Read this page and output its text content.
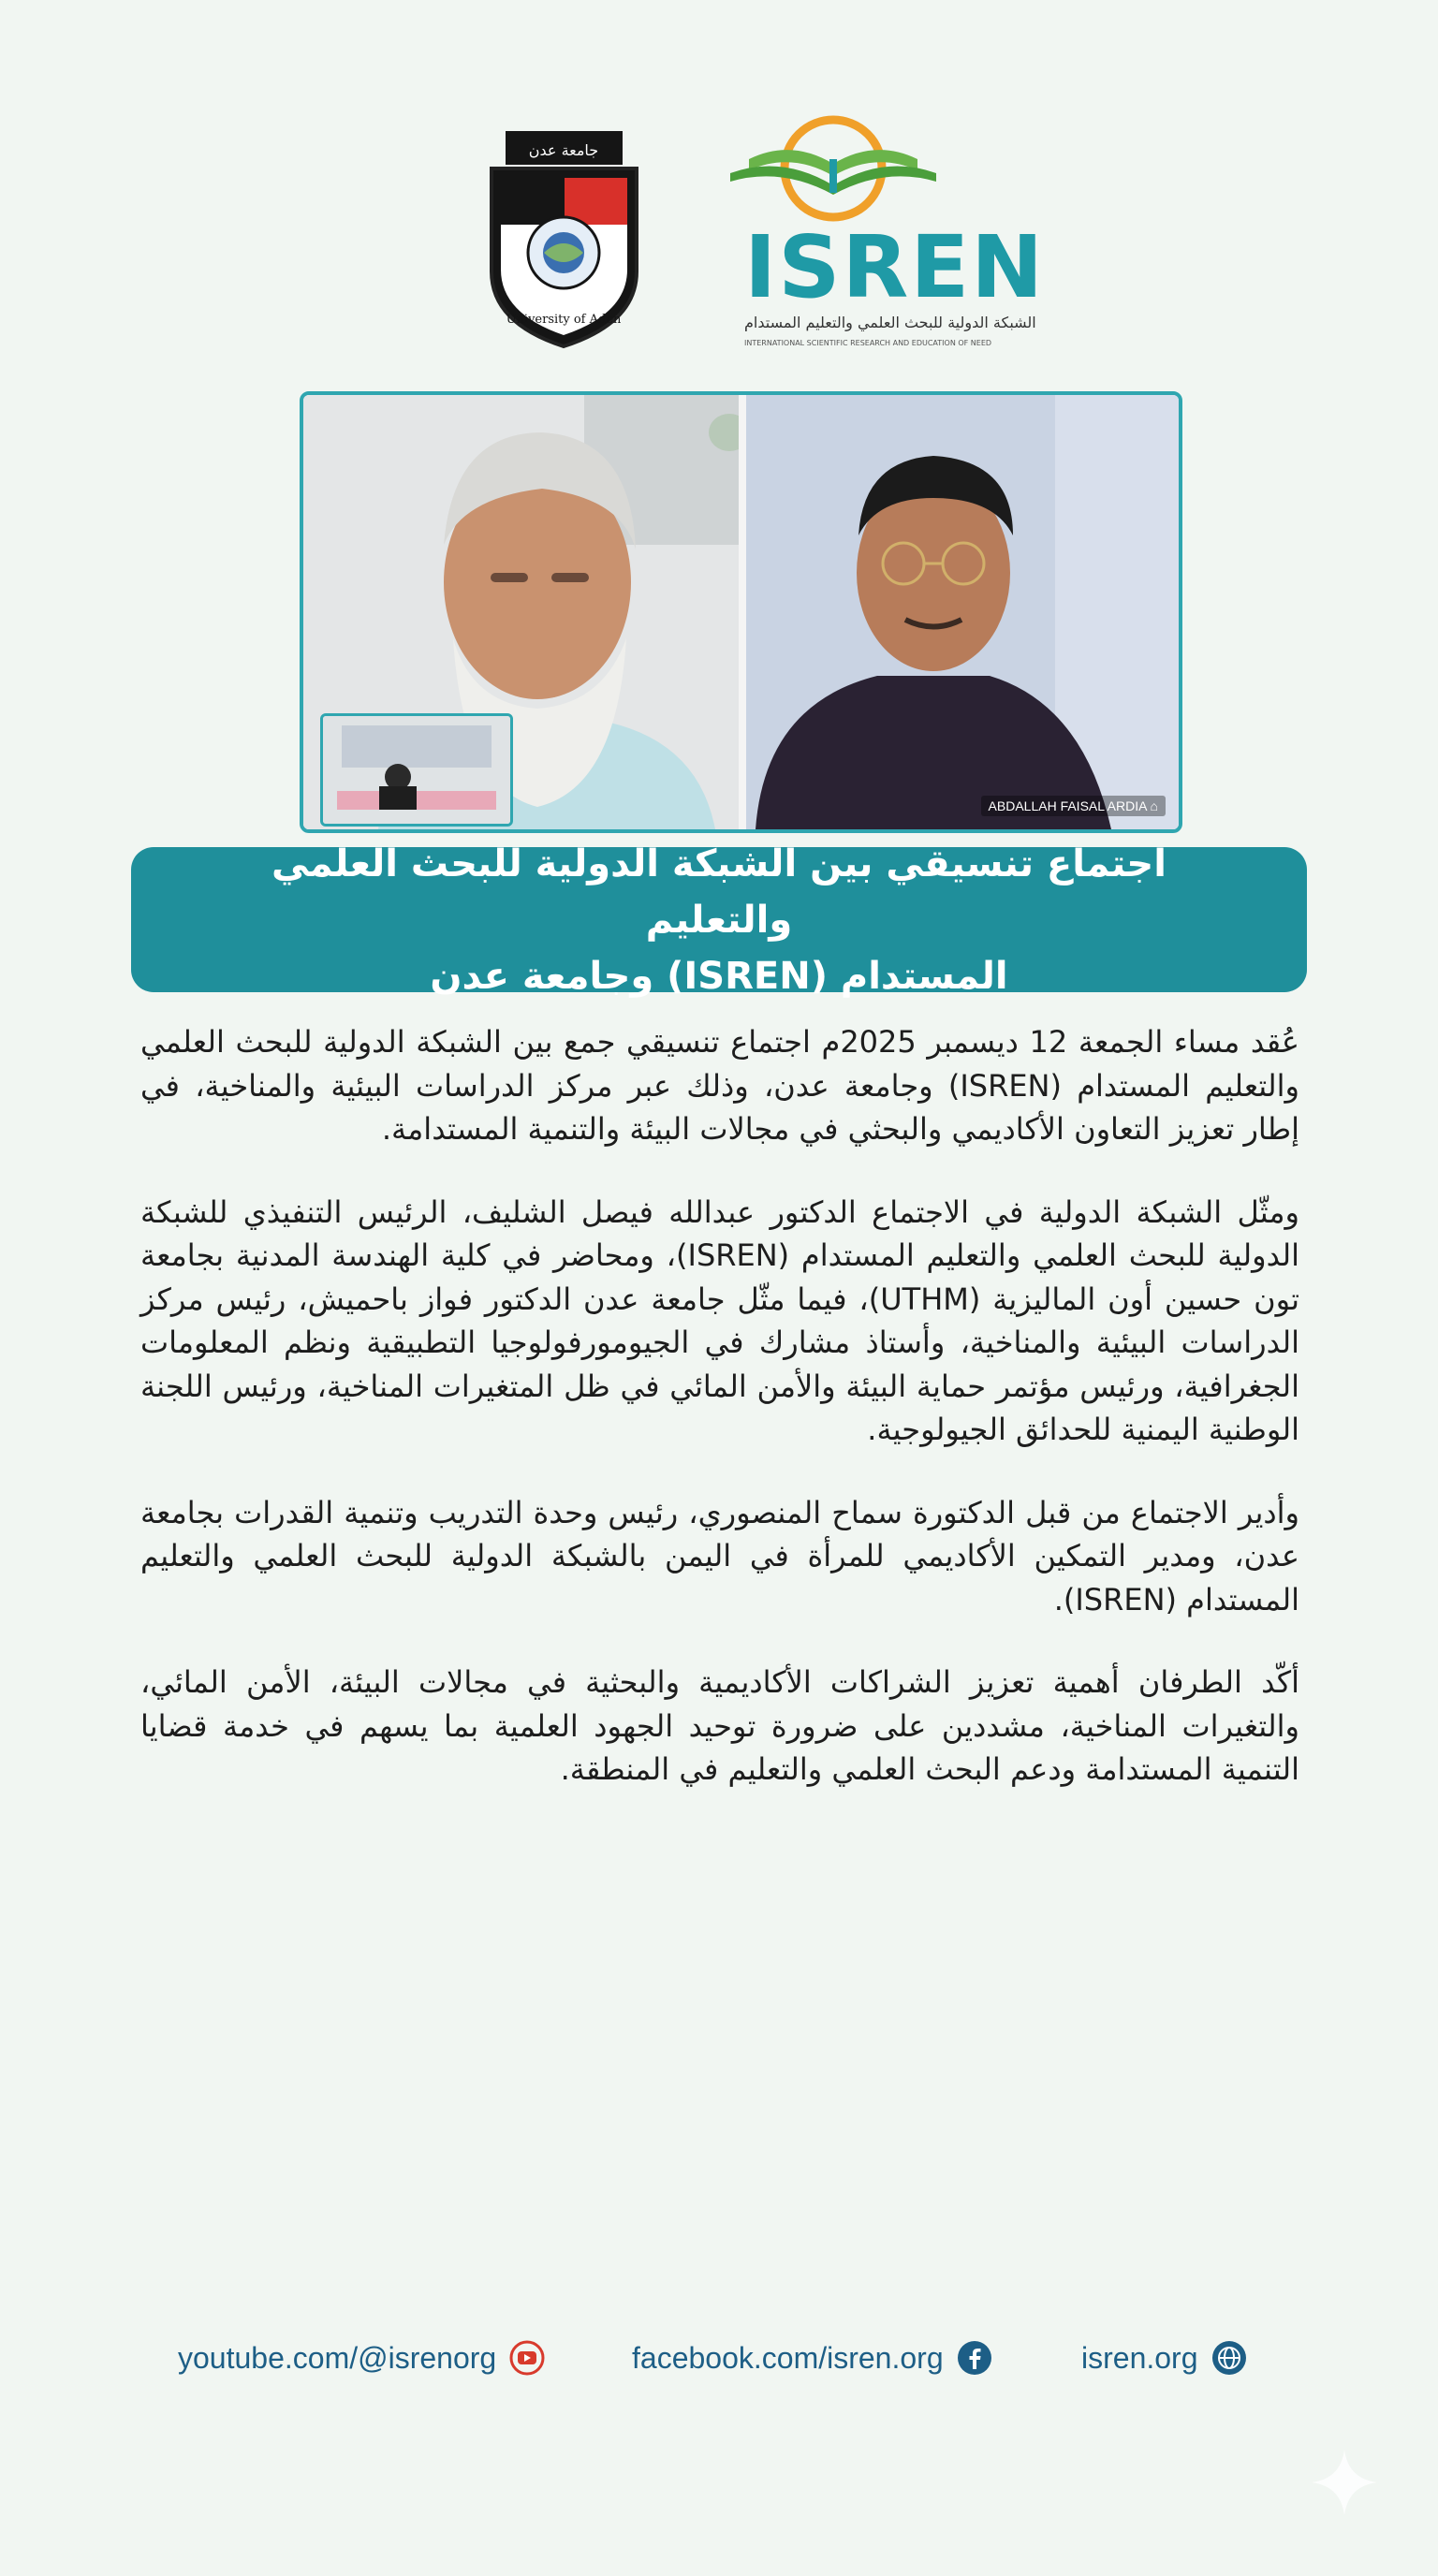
جامعة عدن
University of Aden
ISREN
الشبكة الدولية للبحث العلمي والتعليم المستدام
INTERNATIONAL SCIENTIFIC RESEARCH AND EDUCATION OF NEED
ABDALLAH FAISAL ARDIA ⌂
اجتماع تنسيقي بين الشبكة الدولية للبحث العلمي والتعليم
المستدام (ISREN) وجامعة عدن

عُقد مساء الجمعة 12 ديسمبر 2025م اجتماع تنسيقي جمع بين الشبكة الدولية للبحث العلمي والتعليم المستدام (ISREN) وجامعة عدن، وذلك عبر مركز الدراسات البيئية والمناخية، في إطار تعزيز التعاون الأكاديمي والبحثي في مجالات البيئة والتنمية المستدامة.

ومثّل الشبكة الدولية في الاجتماع الدكتور عبدالله فيصل الشليف، الرئيس التنفيذي للشبكة الدولية للبحث العلمي والتعليم المستدام (ISREN)، ومحاضر في كلية الهندسة المدنية بجامعة تون حسين أون الماليزية (UTHM)، فيما مثّل جامعة عدن الدكتور فواز باحميش، رئيس مركز الدراسات البيئية والمناخية، وأستاذ مشارك في الجيومورفولوجيا التطبيقية ونظم المعلومات الجغرافية، ورئيس مؤتمر حماية البيئة والأمن المائي في ظل المتغيرات المناخية، ورئيس اللجنة الوطنية اليمنية للحدائق الجيولوجية.

وأدير الاجتماع من قبل الدكتورة سماح المنصوري، رئيس وحدة التدريب وتنمية القدرات بجامعة عدن، ومدير التمكين الأكاديمي للمرأة في اليمن بالشبكة الدولية للبحث العلمي والتعليم المستدام (ISREN).

أكّد الطرفان أهمية تعزيز الشراكات الأكاديمية والبحثية في مجالات البيئة، الأمن المائي، والتغيرات المناخية، مشددين على ضرورة توحيد الجهود العلمية بما يسهم في خدمة قضايا التنمية المستدامة ودعم البحث العلمي والتعليم في المنطقة.

youtube.com/@isrenorg	facebook.com/isren.org	isren.org
